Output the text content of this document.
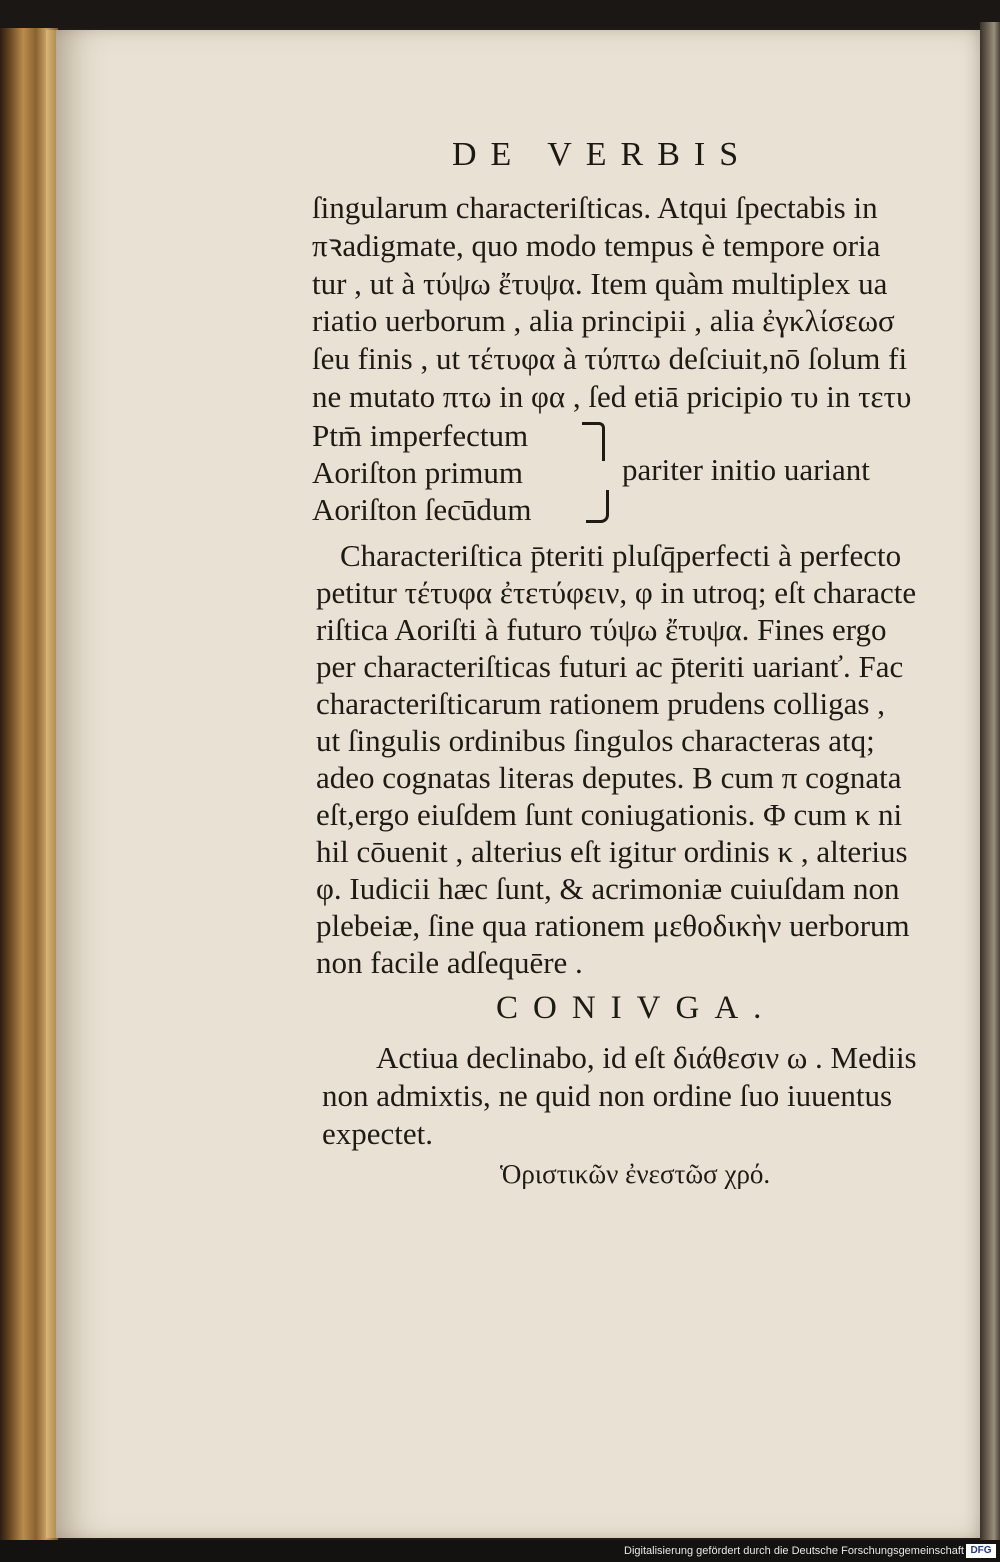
DE VERBIS
ſingularum characteriſticas. Atqui ſpectabis in
πꝛadigmate, quo modo tempus è tempore oria
tur , ut à τύψω ἔτυψα. Item quàm multiplex ua
riatio uerborum , alia principii , alia ἐγκλίσεωσ
ſeu finis , ut τέτυφα à τύπτω deſciuit,nō ſolum fi
ne mutato πτω in φα , ſed etiā pricipio τυ in τετυ
Ptm̄ imperfectum
Aoriſton primum
Aoriſton ſecūdum
pariter initio uariant
Characteriſtica p̄teriti pluſq̄perfecti à perfecto
petitur τέτυφα ἐτετύφειν, φ in utroq; eſt characte
riſtica Aoriſti à futuro τύψω ἔτυψα. Fines ergo
per characteriſticas futuri ac p̄teriti uarianť. Fac
characteriſticarum rationem prudens colligas ,
ut ſingulis ordinibus ſingulos characteras atq;
adeo cognatas literas deputes. Β cum π cognata
eſt,ergo eiuſdem ſunt coniugationis. Φ cum κ ni
hil cōuenit , alterius eſt igitur ordinis κ , alterius
φ. Iudicii hæc ſunt, & acrimoniæ cuiuſdam non
plebeiæ, ſine qua rationem μεθοδικὴν uerborum
non facile adſequēre .
CONIVGA.
Actiua declinabo, id eſt διάθεσιν ω . Mediis
non admixtis, ne quid non ordine ſuo iuuentus
expectet.
Ὁριστικῶν ἐνεστῶσ χρό.
Digitalisierung gefördert durch die Deutsche Forschungsgemeinschaft DFG
